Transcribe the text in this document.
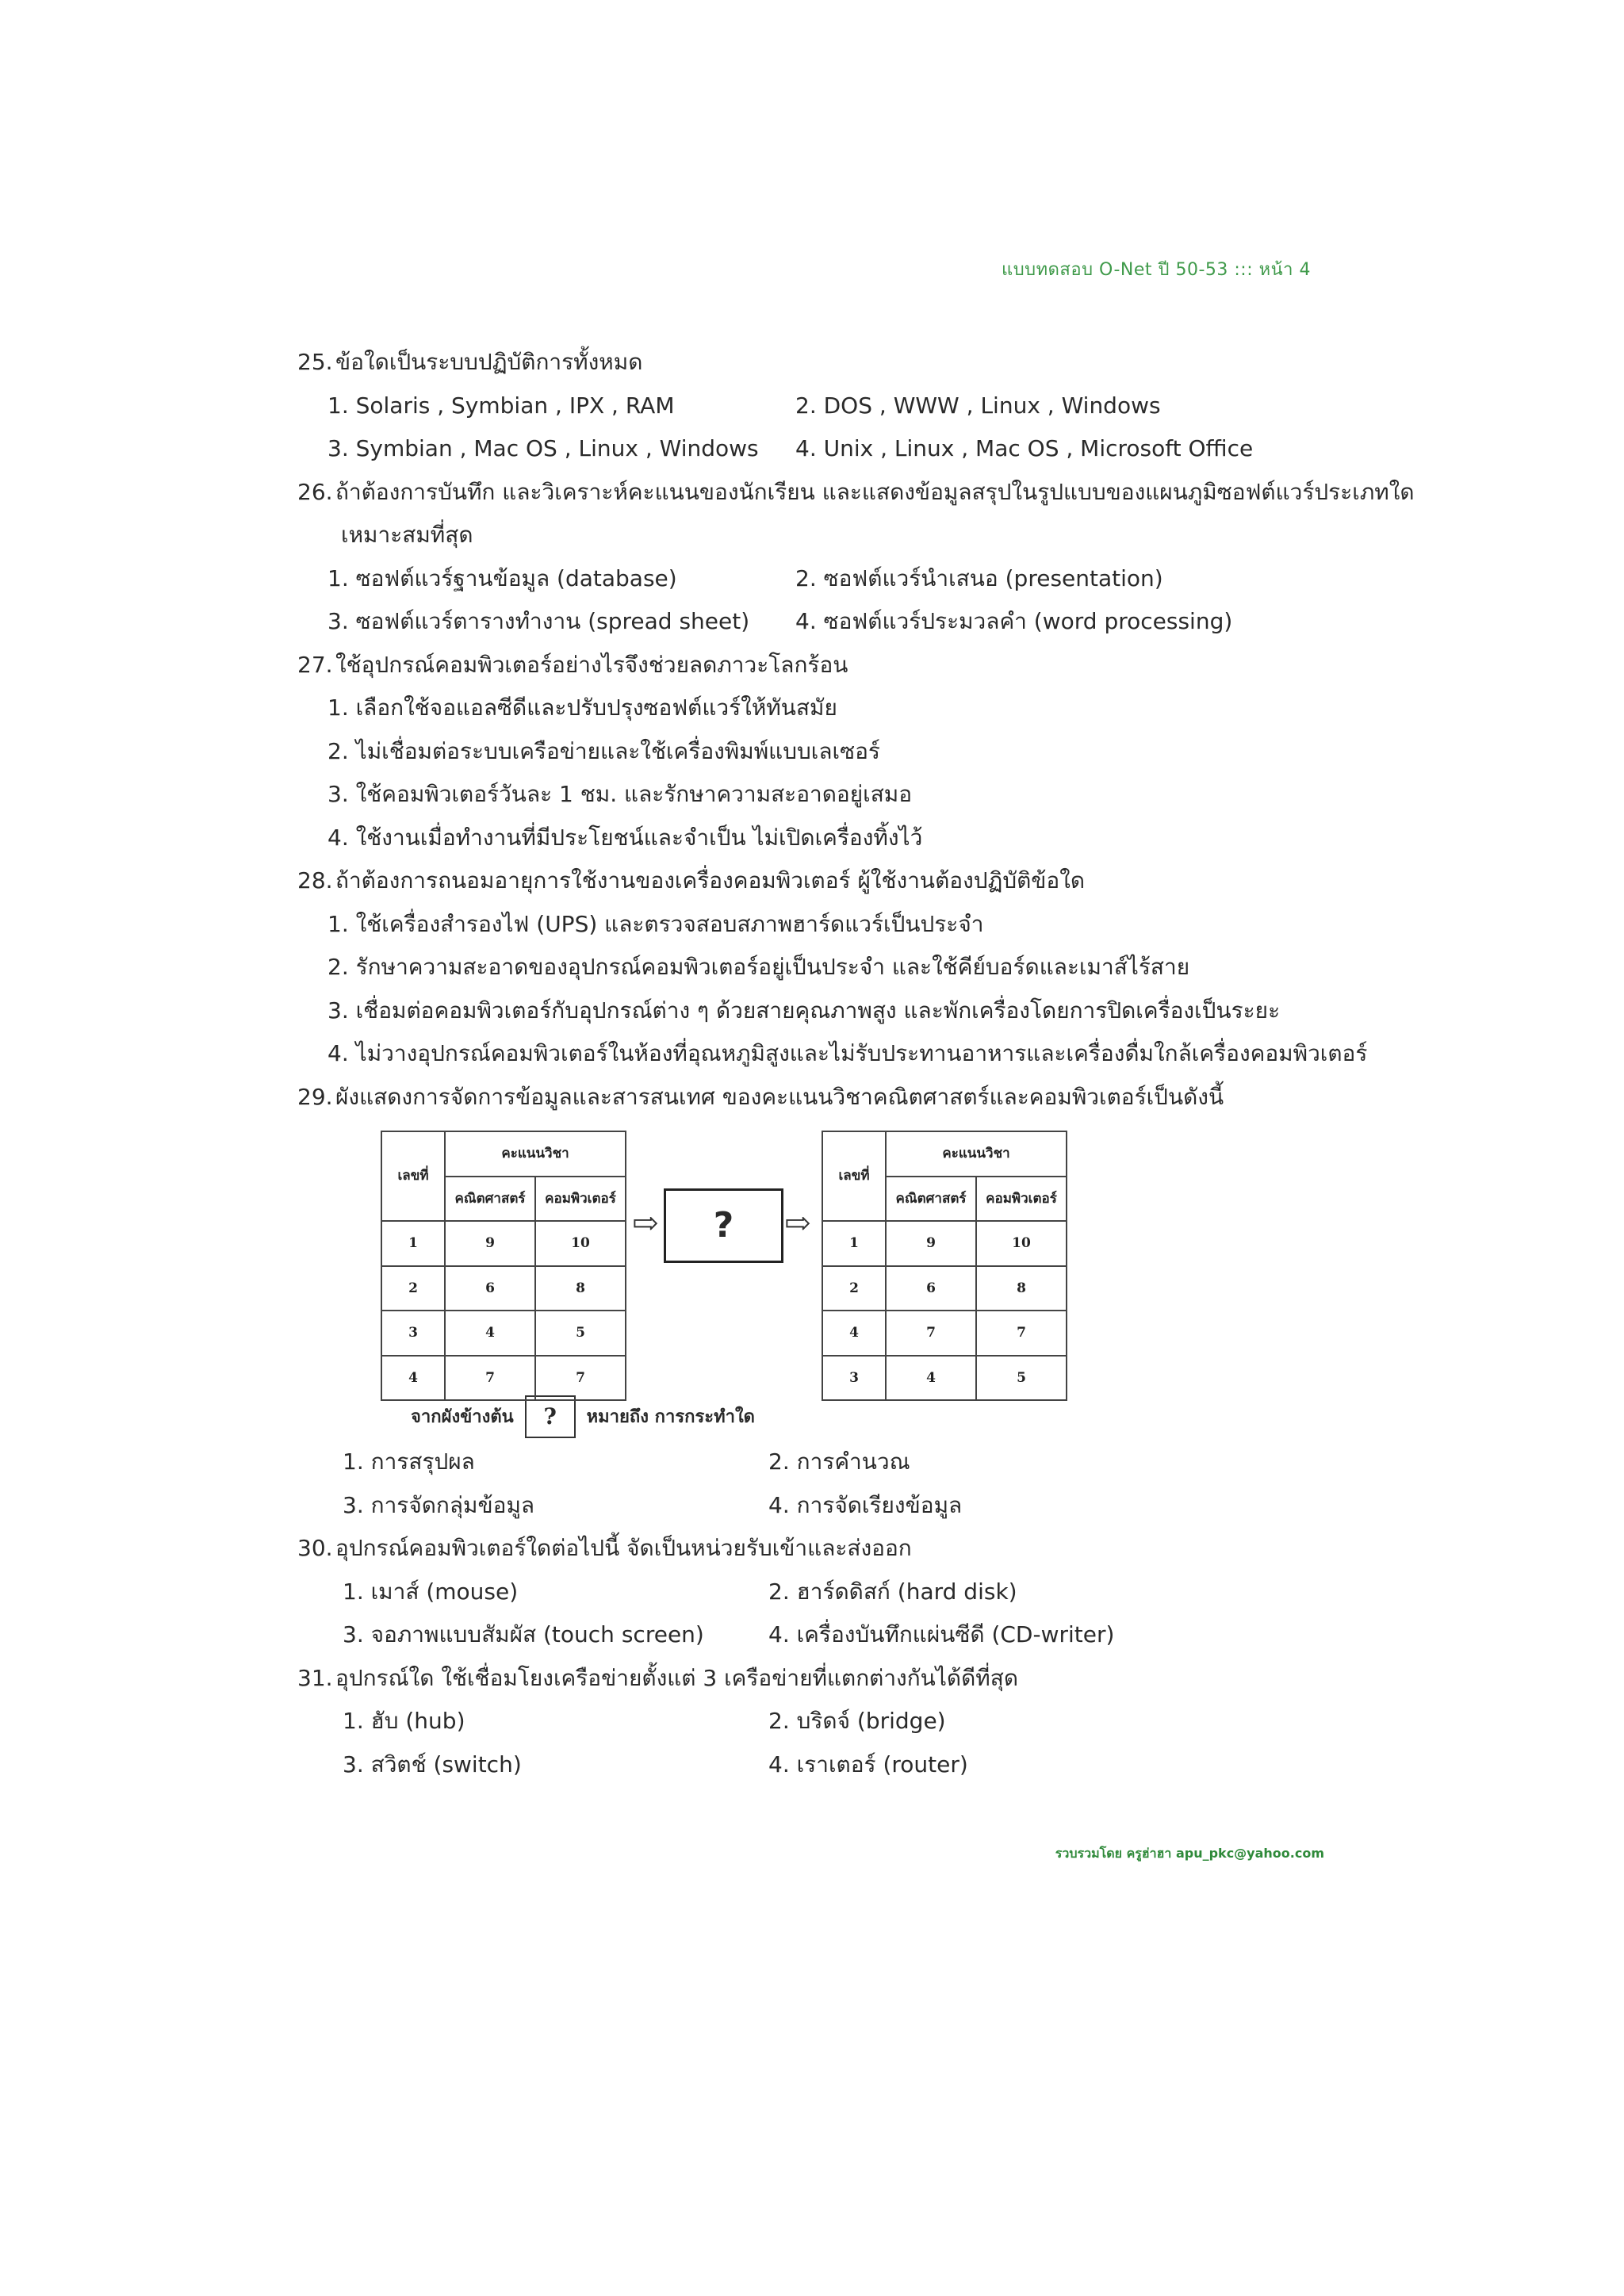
แบบทดสอบ O-Net ปี 50-53 ::: หน้า 4
25. ข้อใดเป็นระบบปฏิบัติการทั้งหมด
1. Solaris , Symbian , IPX , RAM	2. DOS , WWW , Linux , Windows
3. Symbian , Mac OS , Linux , Windows	4. Unix , Linux , Mac OS , Microsoft Office
26. ถ้าต้องการบันทึก และวิเคราะห์คะแนนของนักเรียน และแสดงข้อมูลสรุปในรูปแบบของแผนภูมิซอฟต์แวร์ประเภทใด
เหมาะสมที่สุด
1. ซอฟต์แวร์ฐานข้อมูล (database)	2. ซอฟต์แวร์นำเสนอ (presentation)
3. ซอฟต์แวร์ตารางทำงาน (spread sheet)	4. ซอฟต์แวร์ประมวลคำ (word processing)
27. ใช้อุปกรณ์คอมพิวเตอร์อย่างไรจึงช่วยลดภาวะโลกร้อน
1. เลือกใช้จอแอลซีดีและปรับปรุงซอฟต์แวร์ให้ทันสมัย
2. ไม่เชื่อมต่อระบบเครือข่ายและใช้เครื่องพิมพ์แบบเลเซอร์
3. ใช้คอมพิวเตอร์วันละ 1 ชม. และรักษาความสะอาดอยู่เสมอ
4. ใช้งานเมื่อทำงานที่มีประโยชน์และจำเป็น ไม่เปิดเครื่องทิ้งไว้
28. ถ้าต้องการถนอมอายุการใช้งานของเครื่องคอมพิวเตอร์ ผู้ใช้งานต้องปฏิบัติข้อใด
1. ใช้เครื่องสำรองไฟ (UPS) และตรวจสอบสภาพฮาร์ดแวร์เป็นประจำ
2. รักษาความสะอาดของอุปกรณ์คอมพิวเตอร์อยู่เป็นประจำ และใช้คีย์บอร์ดและเมาส์ไร้สาย
3. เชื่อมต่อคอมพิวเตอร์กับอุปกรณ์ต่าง ๆ ด้วยสายคุณภาพสูง และพักเครื่องโดยการปิดเครื่องเป็นระยะ
4. ไม่วางอุปกรณ์คอมพิวเตอร์ในห้องที่อุณหภูมิสูงและไม่รับประทานอาหารและเครื่องดื่มใกล้เครื่องคอมพิวเตอร์
29. ผังแสดงการจัดการข้อมูลและสารสนเทศ ของคะแนนวิชาคณิตศาสตร์และคอมพิวเตอร์เป็นดังนี้
เลขที่	คะแนนวิชา	
	คณิตศาสตร์	คอมพิวเตอร์
1	9	10
2	6	8
3	4	5
4	7	7
⇨	?	⇨
เลขที่	คะแนนวิชา	
	คณิตศาสตร์	คอมพิวเตอร์
1	9	10
2	6	8
4	7	7
3	4	5
จากผังข้างต้น	?	หมายถึง การกระทำใด
1. การสรุปผล	2. การคำนวณ
3. การจัดกลุ่มข้อมูล	4. การจัดเรียงข้อมูล
30. อุปกรณ์คอมพิวเตอร์ใดต่อไปนี้ จัดเป็นหน่วยรับเข้าและส่งออก
1. เมาส์ (mouse)	2. ฮาร์ดดิสก์ (hard disk)
3. จอภาพแบบสัมผัส (touch screen)	4. เครื่องบันทึกแผ่นซีดี (CD-writer)
31. อุปกรณ์ใด ใช้เชื่อมโยงเครือข่ายตั้งแต่ 3 เครือข่ายที่แตกต่างกันได้ดีที่สุด
1. ฮับ (hub)	2. บริดจ์ (bridge)
3. สวิตช์ (switch)	4. เราเตอร์ (router)
รวบรวมโดย ครูฮ่าฮา apu_pkc@yahoo.com
